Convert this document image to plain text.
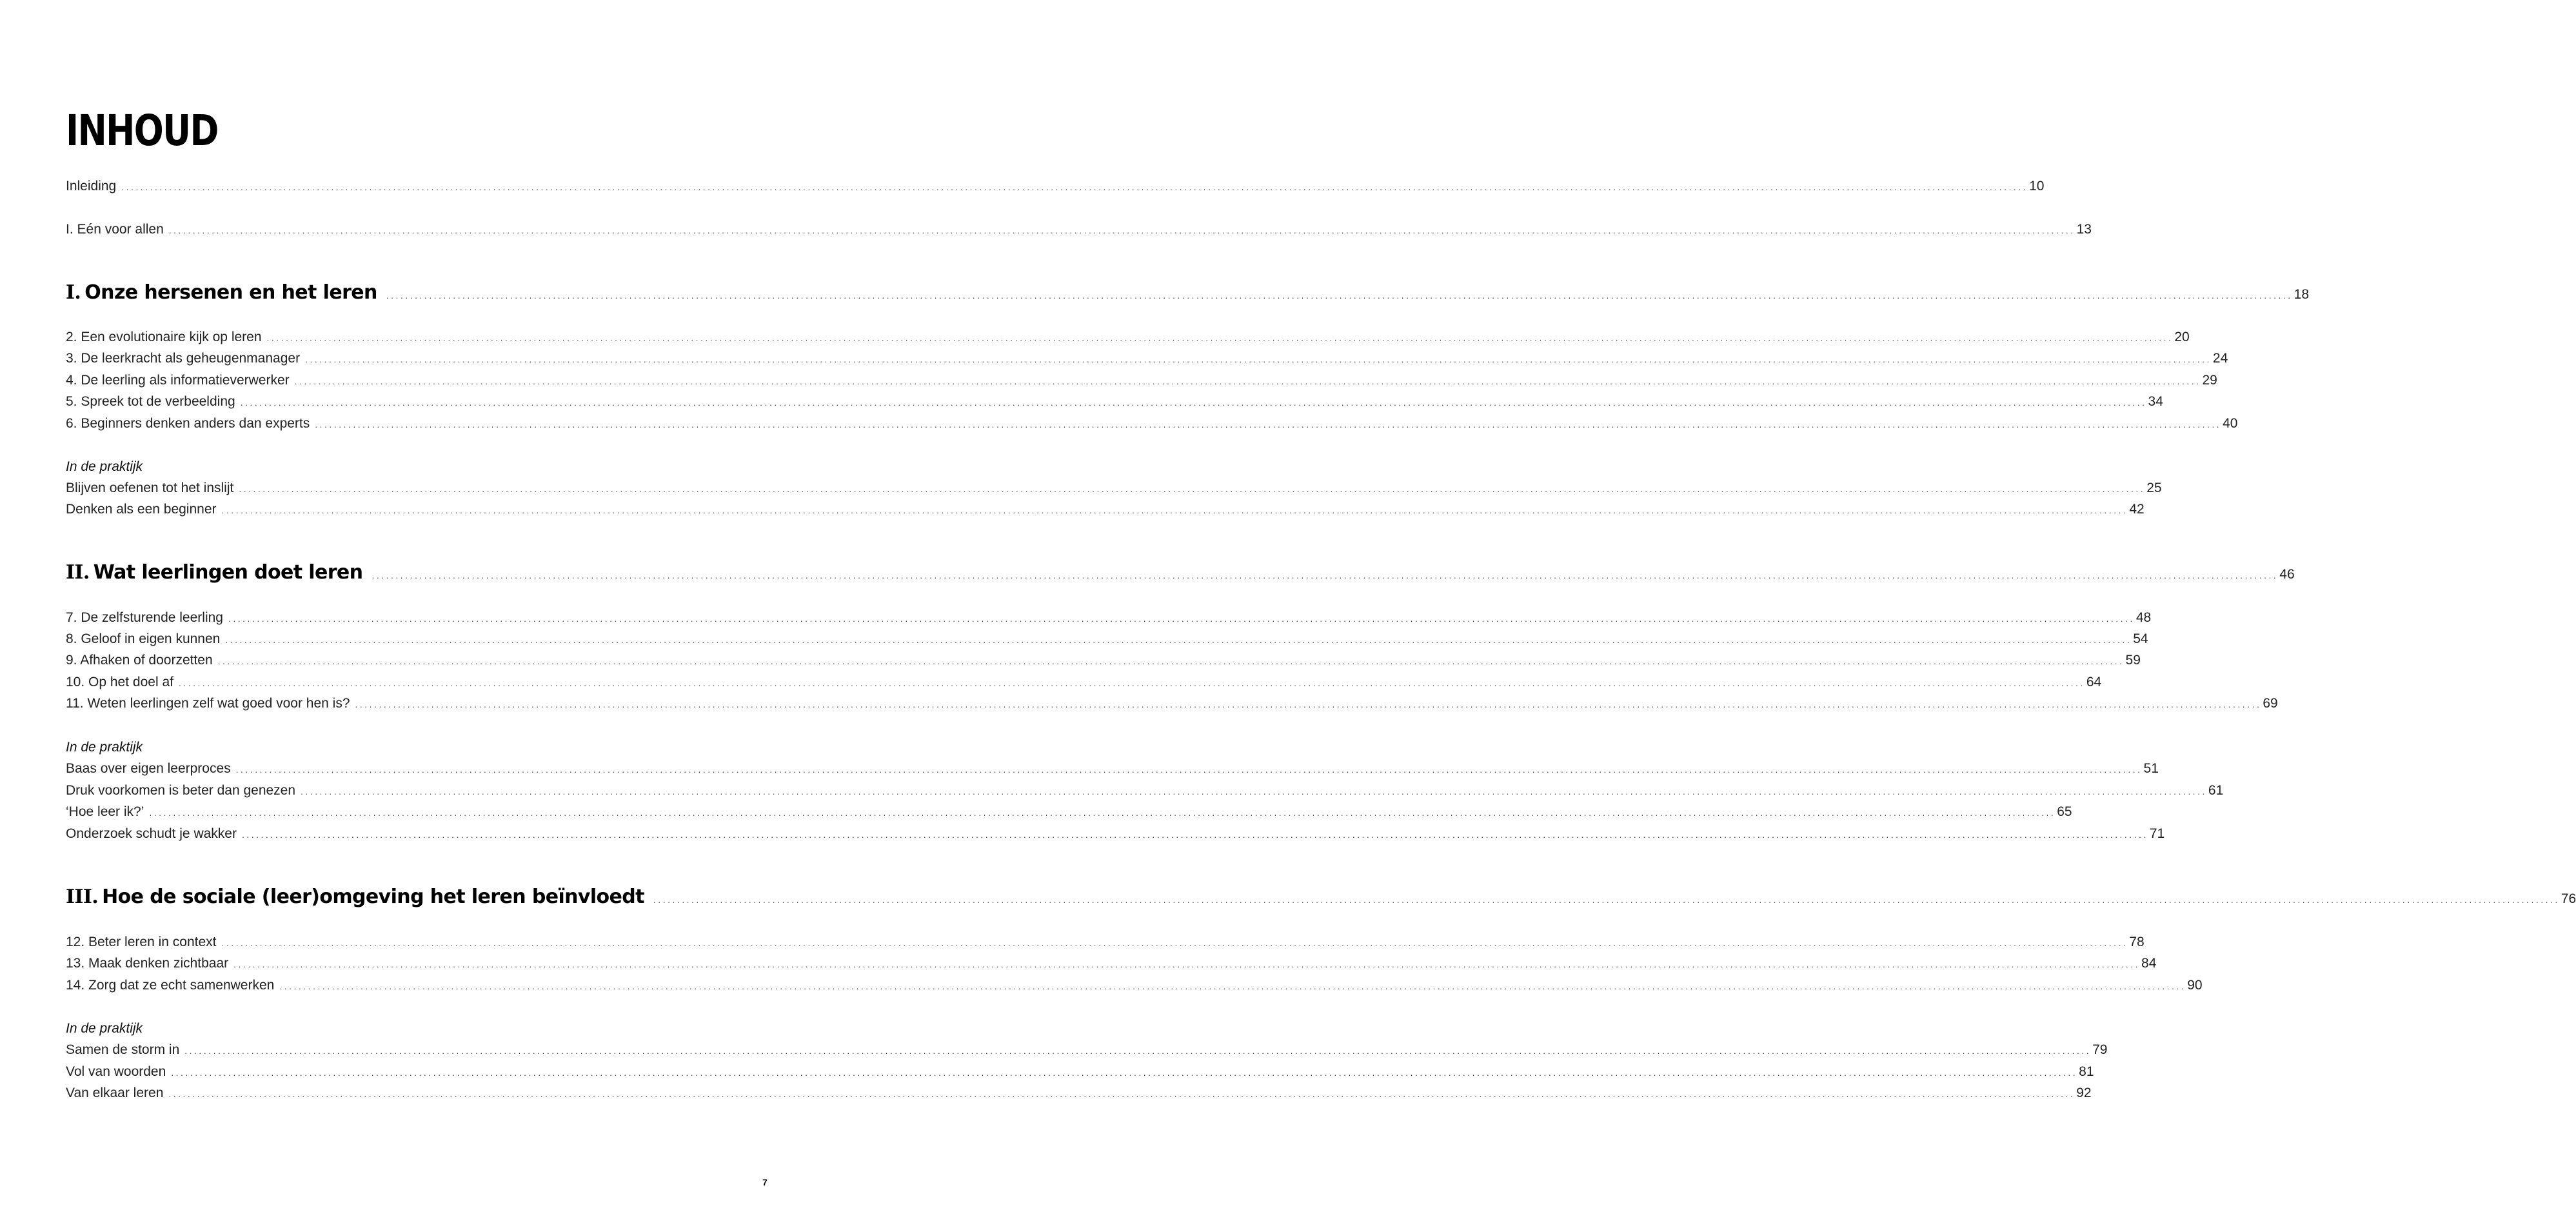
INHOUD
Inleiding ................................................................................................................................................................................................................................................................................................................................................................................................................ 10
I. Eén voor allen ................................................................................................................................................................................................................................................................................................................................................................................................................ 13
I. Onze hersenen en het leren	................................................................................................................................................................................................................................................................................................................................................................................................................ 18
2. Een evolutionaire kijk op leren ................................................................................................................................................................................................................................................................................................................................................................................................................ 20
3. De leerkracht als geheugenmanager ................................................................................................................................................................................................................................................................................................................................................................................................................ 24
4. De leerling als informatieverwerker ................................................................................................................................................................................................................................................................................................................................................................................................................ 29
5. Spreek tot de verbeelding ................................................................................................................................................................................................................................................................................................................................................................................................................ 34
6. Beginners denken anders dan experts ................................................................................................................................................................................................................................................................................................................................................................................................................ 40

In de praktijk

Blijven oefenen tot het inslijt ................................................................................................................................................................................................................................................................................................................................................................................................................ 25
Denken als een beginner ................................................................................................................................................................................................................................................................................................................................................................................................................ 42
II. Wat leerlingen doet leren	................................................................................................................................................................................................................................................................................................................................................................................................................ 46
7. De zelfsturende leerling ................................................................................................................................................................................................................................................................................................................................................................................................................ 48
8. Geloof in eigen kunnen ................................................................................................................................................................................................................................................................................................................................................................................................................ 54
9. Afhaken of doorzetten ................................................................................................................................................................................................................................................................................................................................................................................................................ 59
10. Op het doel af ................................................................................................................................................................................................................................................................................................................................................................................................................ 64
11. Weten leerlingen zelf wat goed voor hen is? ................................................................................................................................................................................................................................................................................................................................................................................................................ 69

In de praktijk

Baas over eigen leerproces ................................................................................................................................................................................................................................................................................................................................................................................................................ 51
Druk voorkomen is beter dan genezen ................................................................................................................................................................................................................................................................................................................................................................................................................ 61
‘Hoe leer ik?’ ................................................................................................................................................................................................................................................................................................................................................................................................................ 65
Onderzoek schudt je wakker ................................................................................................................................................................................................................................................................................................................................................................................................................ 71
III. Hoe de sociale (leer)omgeving het leren beïnvloedt	................................................................................................................................................................................................................................................................................................................................................................................................................ 76
12. Beter leren in context ................................................................................................................................................................................................................................................................................................................................................................................................................ 78
13. Maak denken zichtbaar ................................................................................................................................................................................................................................................................................................................................................................................................................ 84
14. Zorg dat ze echt samenwerken ................................................................................................................................................................................................................................................................................................................................................................................................................ 90

In de praktijk

Samen de storm in ................................................................................................................................................................................................................................................................................................................................................................................................................ 79
Vol van woorden ................................................................................................................................................................................................................................................................................................................................................................................................................ 81
Van elkaar leren ................................................................................................................................................................................................................................................................................................................................................................................................................ 92

7
